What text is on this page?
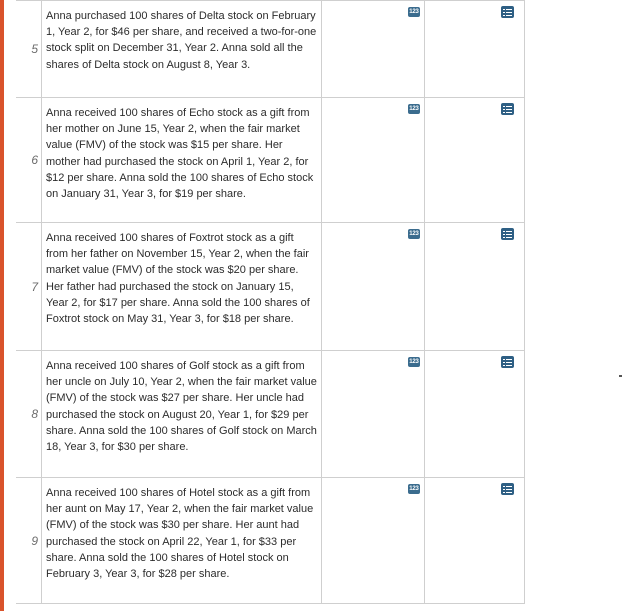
5	Anna purchased 100 shares of Delta stock on February 1, Year 2, for $46 per share, and received a two-for-one stock split on December 31, Year 2. Anna sold all the shares of Delta stock on August 8, Year 3.	123	

6	Anna received 100 shares of Echo stock as a gift from her mother on June 15, Year 2, when the fair market value (FMV) of the stock was $15 per share. Her mother had purchased the stock on April 1, Year 2, for $12 per share. Anna sold the 100 shares of Echo stock on January 31, Year 3, for $19 per share.	123	

7	Anna received 100 shares of Foxtrot stock as a gift from her father on November 15, Year 2, when the fair market value (FMV) of the stock was $20 per share. Her father had purchased the stock on January 15, Year 2, for $17 per share. Anna sold the 100 shares of Foxtrot stock on May 31, Year 3, for $18 per share.	123	

8	Anna received 100 shares of Golf stock as a gift from her uncle on July 10, Year 2, when the fair market value (FMV) of the stock was $27 per share. Her uncle had purchased the stock on August 20, Year 1, for $29 per share. Anna sold the 100 shares of Golf stock on March 18, Year 3, for $30 per share.	123	

9	Anna received 100 shares of Hotel stock as a gift from her aunt on May 17, Year 2, when the fair market value (FMV) of the stock was $30 per share. Her aunt had purchased the stock on April 22, Year 1, for $33 per share. Anna sold the 100 shares of Hotel stock on February 3, Year 3, for $28 per share.	123	
